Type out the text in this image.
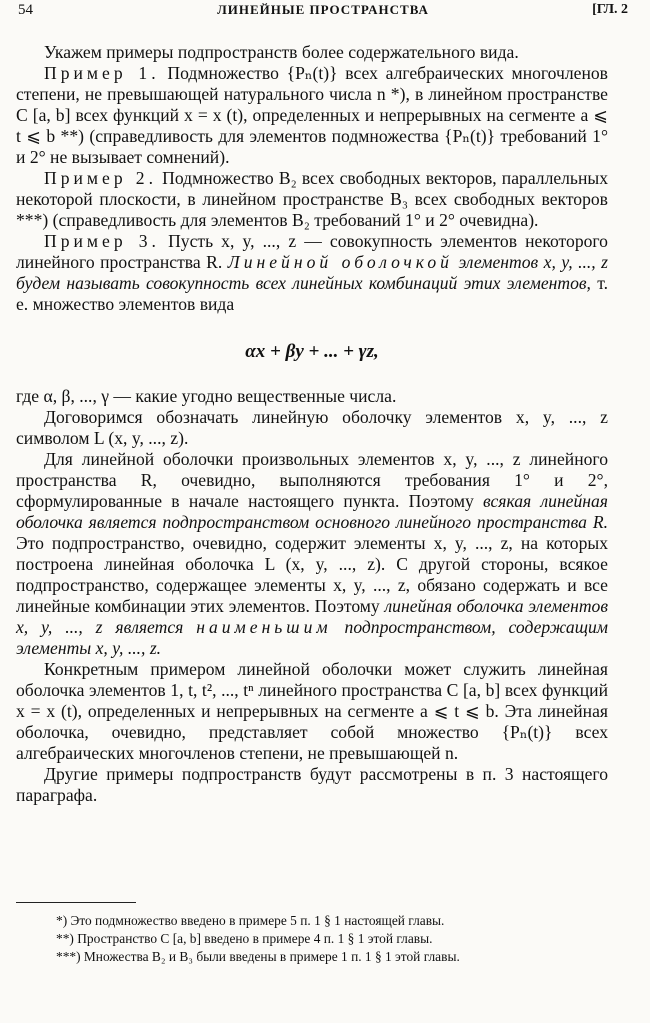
54	ЛИНЕЙНЫЕ ПРОСТРАНСТВА	[ГЛ. 2

Укажем примеры подпространств более содержательного вида.

Пример 1. Подмножество {Pₙ(t)} всех алгебраических многочленов степени, не превышающей натурального числа n *), в линейном пространстве C [a, b] всех функций x = x (t), определенных и непрерывных на сегменте a ⩽ t ⩽ b **) (справедливость для элементов подмножества {Pₙ(t)} требований 1° и 2° не вызывает сомнений).

Пример 2. Подмножество B₂ всех свободных векторов, параллельных некоторой плоскости, в линейном пространстве B₃ всех свободных векторов ***) (справедливость для элементов B₂ требований 1° и 2° очевидна).

Пример 3. Пусть x, y, ..., z — совокупность элементов некоторого линейного пространства R. Линейной оболочкой элементов x, y, ..., z будем называть совокупность всех линейных комбинаций этих элементов, т. е. множество элементов вида

αx + βy + ... + γz,

где α, β, ..., γ — какие угодно вещественные числа.

Договоримся обозначать линейную оболочку элементов x, y, ..., z символом L (x, y, ..., z).

Для линейной оболочки произвольных элементов x, y, ..., z линейного пространства R, очевидно, выполняются требования 1° и 2°, сформулированные в начале настоящего пункта. Поэтому всякая линейная оболочка является подпространством основного линейного пространства R. Это подпространство, очевидно, содержит элементы x, y, ..., z, на которых построена линейная оболочка L (x, y, ..., z). С другой стороны, всякое подпространство, содержащее элементы x, y, ..., z, обязано содержать и все линейные комбинации этих элементов. Поэтому линейная оболочка элементов x, y, ..., z является наименьшим подпространством, содержащим элементы x, y, ..., z.

Конкретным примером линейной оболочки может служить линейная оболочка элементов 1, t, t², ..., tⁿ линейного пространства C [a, b] всех функций x = x (t), определенных и непрерывных на сегменте a ⩽ t ⩽ b. Эта линейная оболочка, очевидно, представляет собой множество {Pₙ(t)} всех алгебраических многочленов степени, не превышающей n.

Другие примеры подпространств будут рассмотрены в п. 3 настоящего параграфа.

*) Это подмножество введено в примере 5 п. 1 § 1 настоящей главы.
**) Пространство C [a, b] введено в примере 4 п. 1 § 1 этой главы.
***) Множества B₂ и B₃ были введены в примере 1 п. 1 § 1 этой главы.
